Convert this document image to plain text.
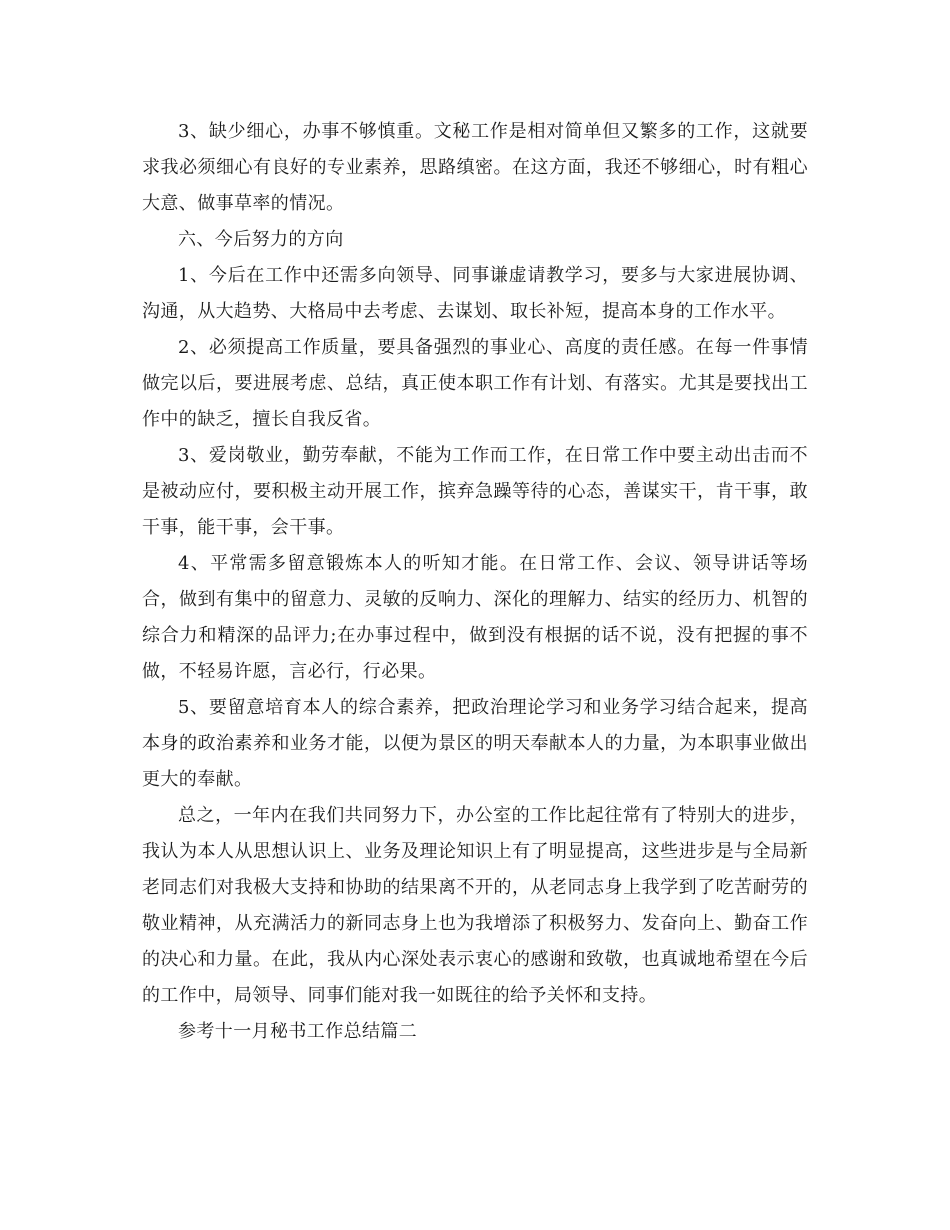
3、缺少细心，办事不够慎重。文秘工作是相对简单但又繁多的工作，这就要求我必须细心有良好的专业素养，思路缜密。在这方面，我还不够细心，时有粗心大意、做事草率的情况。

六、今后努力的方向

1、今后在工作中还需多向领导、同事谦虚请教学习，要多与大家进展协调、沟通，从大趋势、大格局中去考虑、去谋划、取长补短，提高本身的工作水平。

2、必须提高工作质量，要具备强烈的事业心、高度的责任感。在每一件事情做完以后，要进展考虑、总结，真正使本职工作有计划、有落实。尤其是要找出工作中的缺乏，擅长自我反省。

3、爱岗敬业，勤劳奉献，不能为工作而工作，在日常工作中要主动出击而不是被动应付，要积极主动开展工作，摈弃急躁等待的心态，善谋实干，肯干事，敢干事，能干事，会干事。

4、平常需多留意锻炼本人的听知才能。在日常工作、会议、领导讲话等场合，做到有集中的留意力、灵敏的反响力、深化的理解力、结实的经历力、机智的综合力和精深的品评力;在办事过程中，做到没有根据的话不说，没有把握的事不做，不轻易许愿，言必行，行必果。

5、要留意培育本人的综合素养，把政治理论学习和业务学习结合起来，提高本身的政治素养和业务才能，以便为景区的明天奉献本人的力量，为本职事业做出更大的奉献。

总之，一年内在我们共同努力下，办公室的工作比起往常有了特别大的进步，我认为本人从思想认识上、业务及理论知识上有了明显提高，这些进步是与全局新老同志们对我极大支持和协助的结果离不开的，从老同志身上我学到了吃苦耐劳的敬业精神，从充满活力的新同志身上也为我增添了积极努力、发奋向上、勤奋工作的决心和力量。在此，我从内心深处表示衷心的感谢和致敬，也真诚地希望在今后的工作中，局领导、同事们能对我一如既往的给予关怀和支持。

参考十一月秘书工作总结篇二
